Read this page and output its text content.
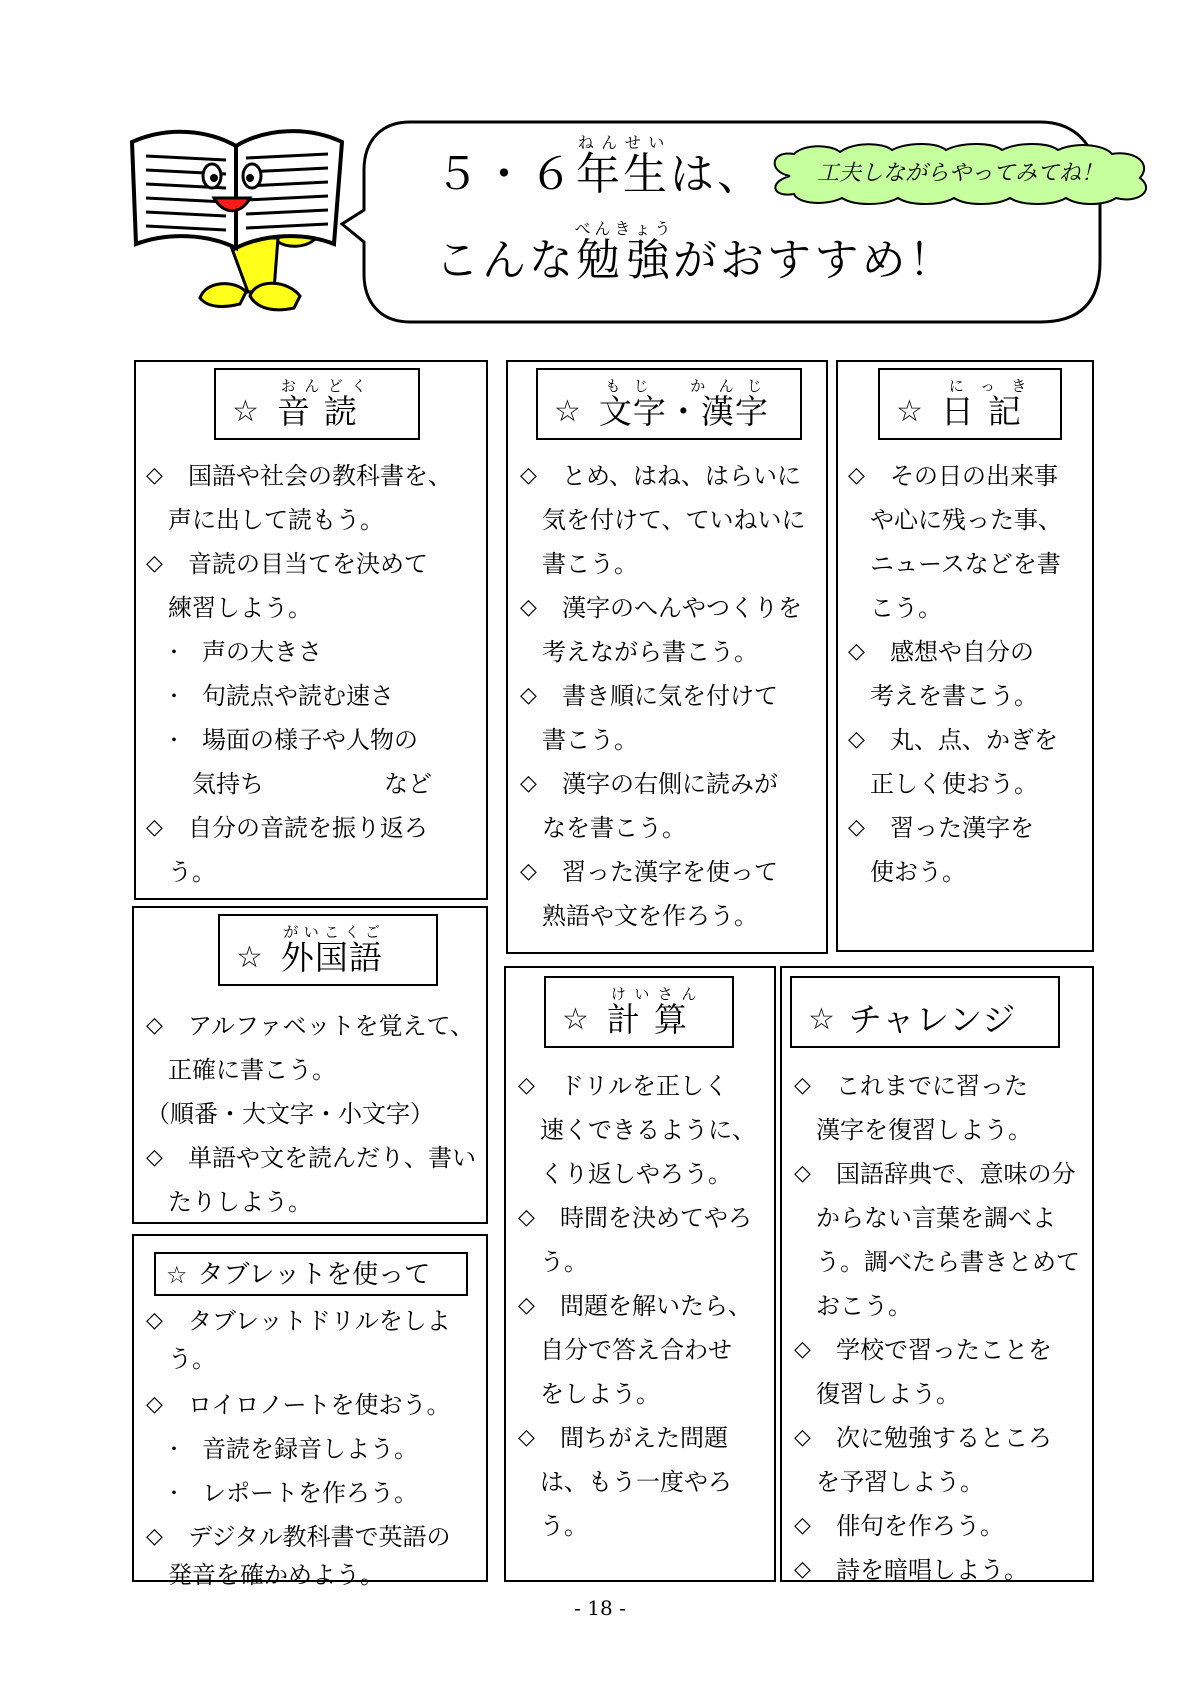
５・６年生ねんせいは、
こんな勉強べんきょうがおすすめ！
工夫しながらやってみてね！
☆ 音読おんどく

◇ 国語や社会の教科書を、

声に出して読もう。

◇ 音読の目当てを決めて

練習しよう。

・ 声の大きさ

・ 句読点や読む速さ

・ 場面の様子や人物の

気持ち	など

◇ 自分の音読を振り返ろ

う。

☆ 文字・漢字もじ　かんじ

◇ とめ、はね、はらいに

気を付けて、ていねいに

書こう。

◇ 漢字のへんやつくりを

考えながら書こう。

◇ 書き順に気を付けて

書こう。

◇ 漢字の右側に読みが

なを書こう。

◇ 習った漢字を使って

熟語や文を作ろう。

☆ 日記にっき

◇ その日の出来事

や心に残った事、

ニュースなどを書

こう。

◇ 感想や自分の

考えを書こう。

◇ 丸、点、かぎを

正しく使おう。

◇ 習った漢字を

使おう。

☆ 外国語がいこくご

◇ アルファベットを覚えて、

正確に書こう。

（順番・大文字・小文字）

◇ 単語や文を読んだり、書い

たりしよう。

☆ 計算けいさん

◇ ドリルを正しく

速くできるように、

くり返しやろう。

◇ 時間を決めてやろ

う。

◇ 問題を解いたら、

自分で答え合わせ

をしよう。

◇ 間ちがえた問題

は、もう一度やろ

う。

☆ チャレンジ

◇ これまでに習った

漢字を復習しよう。

◇ 国語辞典で、意味の分

からない言葉を調べよ

う。調べたら書きとめて

おこう。

◇ 学校で習ったことを

復習しよう。

◇ 次に勉強するところ

を予習しよう。

◇ 俳句を作ろう。

◇ 詩を暗唱しよう。

☆ タブレットを使って

◇ タブレットドリルをしよ

う。

◇ ロイロノートを使おう。

・ 音読を録音しよう。

・ レポートを作ろう。

◇ デジタル教科書で英語の

発音を確かめよう。

- 18 -
